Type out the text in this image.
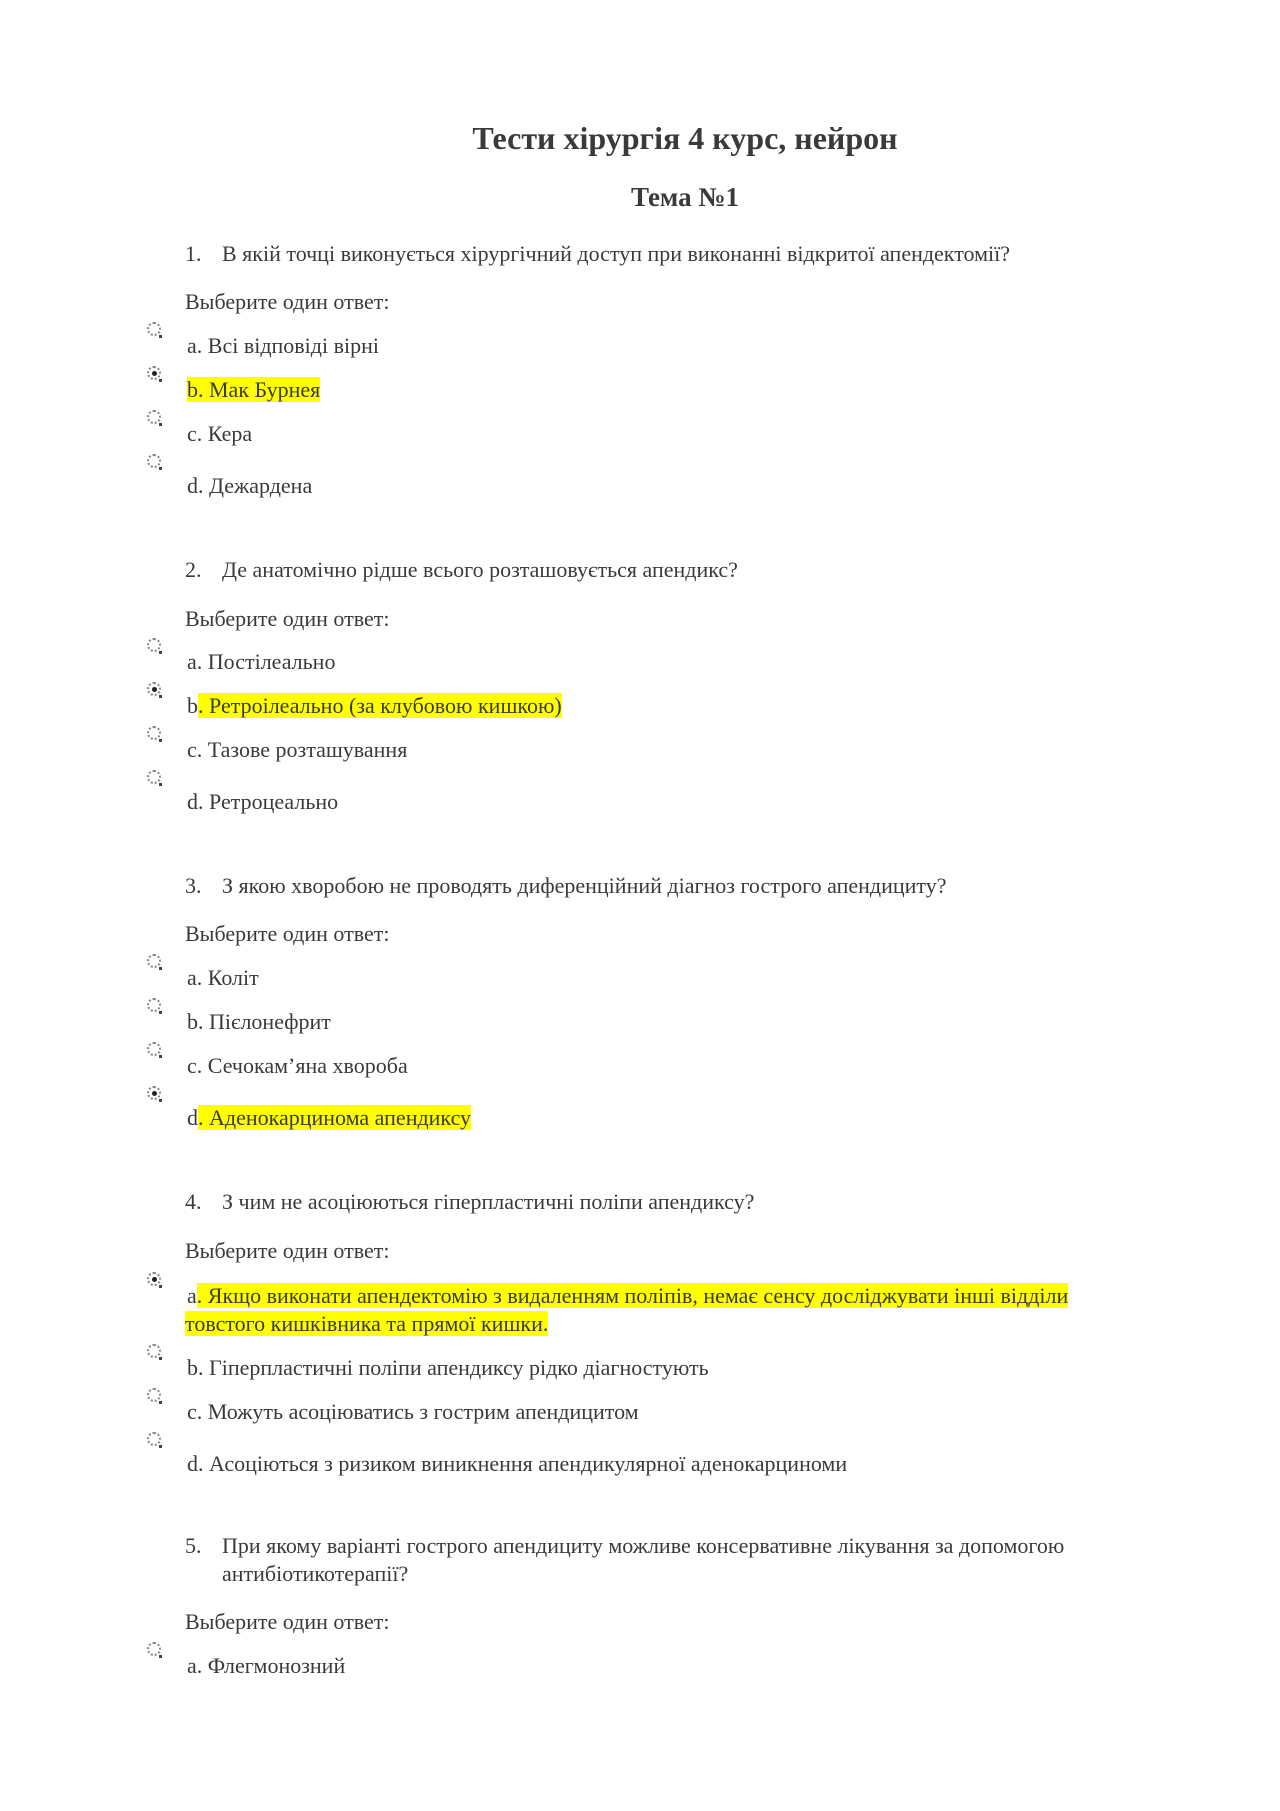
Тести хірургія 4 курс, нейрон
Тема №1
1. В якій точці виконується хірургічний доступ при виконанні відкритої апендектомії?
Выберите один ответ:
a. Всі відповіді вірні
b. Мак Бурнея
c. Кера
d. Дежардена
2. Де анатомічно рідше всього розташовується апендикс?
Выберите один ответ:
a. Постілеально
b. Ретроілеально (за клубовою кишкою)
c. Тазове розташування
d. Ретроцеально
3. З якою хворобою не проводять диференційний діагноз гострого апендициту?
Выберите один ответ:
a. Коліт
b. Пієлонефрит
c. Сечокам’яна хвороба
d. Аденокарцинома апендиксу
4. З чим не асоціюються гіперпластичні поліпи апендиксу?
Выберите один ответ:
a. Якщо виконати апендектомію з видаленням поліпів, немає сенсу досліджувати інші відділи товстого кишківника та прямої кишки.
b. Гіперпластичні поліпи апендиксу рідко діагностують
c. Можуть асоціюватись з гострим апендицитом
d. Асоціються з ризиком виникнення апендикулярної аденокарциноми
5. При якому варіанті гострого апендициту можливе консервативне лікування за допомогою антибіотикотерапії?
Выберите один ответ:
a. Флегмонозний
